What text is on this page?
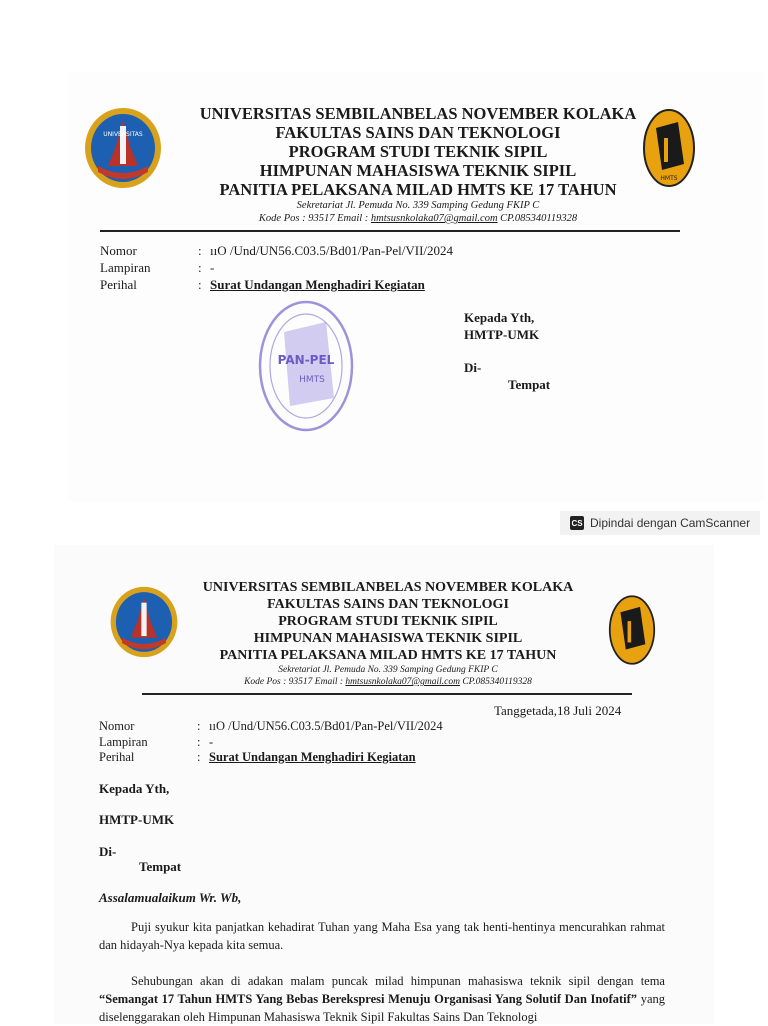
UNIVERSITAS
UNIVERSITAS SEMBILANBELAS NOVEMBER KOLAKA
FAKULTAS SAINS DAN TEKNOLOGI
PROGRAM STUDI TEKNIK SIPIL
HIMPUNAN MAHASISWA TEKNIK SIPIL
PANITIA PELAKSANA MILAD HMTS KE 17 TAHUN
Sekretariat Jl. Pemuda No. 339 Samping Gedung FKIP C
Kode Pos : 93517 Email : hmtsusnkolaka07@gmail.com CP.085340119328
HMTS
Nomor	: ııO /Und/UN56.C03.5/Bd01/Pan-Pel/VII/2024
Lampiran	: -
Perihal	: Surat Undangan Menghadiri Kegiatan
PAN-PEL
HMTS
Kepada Yth,
HMTP-UMK
Di-
Tempat
CS Dipindai dengan CamScanner
UNIVERSITAS SEMBILANBELAS NOVEMBER KOLAKA
FAKULTAS SAINS DAN TEKNOLOGI
PROGRAM STUDI TEKNIK SIPIL
HIMPUNAN MAHASISWA TEKNIK SIPIL
PANITIA PELAKSANA MILAD HMTS KE 17 TAHUN
Sekretariat Jl. Pemuda No. 339 Samping Gedung FKIP C
Kode Pos : 93517 Email : hmtsusnkolaka07@gmail.com CP.085340119328
Tanggetada,18 Juli 2024
Nomor	: ııO /Und/UN56.C03.5/Bd01/Pan-Pel/VII/2024
Lampiran	: -
Perihal	: Surat Undangan Menghadiri Kegiatan
Kepada Yth,
HMTP-UMK
Di-
Tempat
Assalamualaikum Wr. Wb,
Puji syukur kita panjatkan kehadirat Tuhan yang Maha Esa yang tak henti-hentinya mencurahkan rahmat dan hidayah-Nya kepada kita semua.
Sehubungan akan di adakan malam puncak milad himpunan mahasiswa teknik sipil dengan tema “Semangat 17 Tahun HMTS Yang Bebas Berekspresi Menuju Organisasi Yang Solutif Dan Inofatif” yang diselenggarakan oleh Himpunan Mahasiswa Teknik Sipil Fakultas Sains Dan Teknologi
